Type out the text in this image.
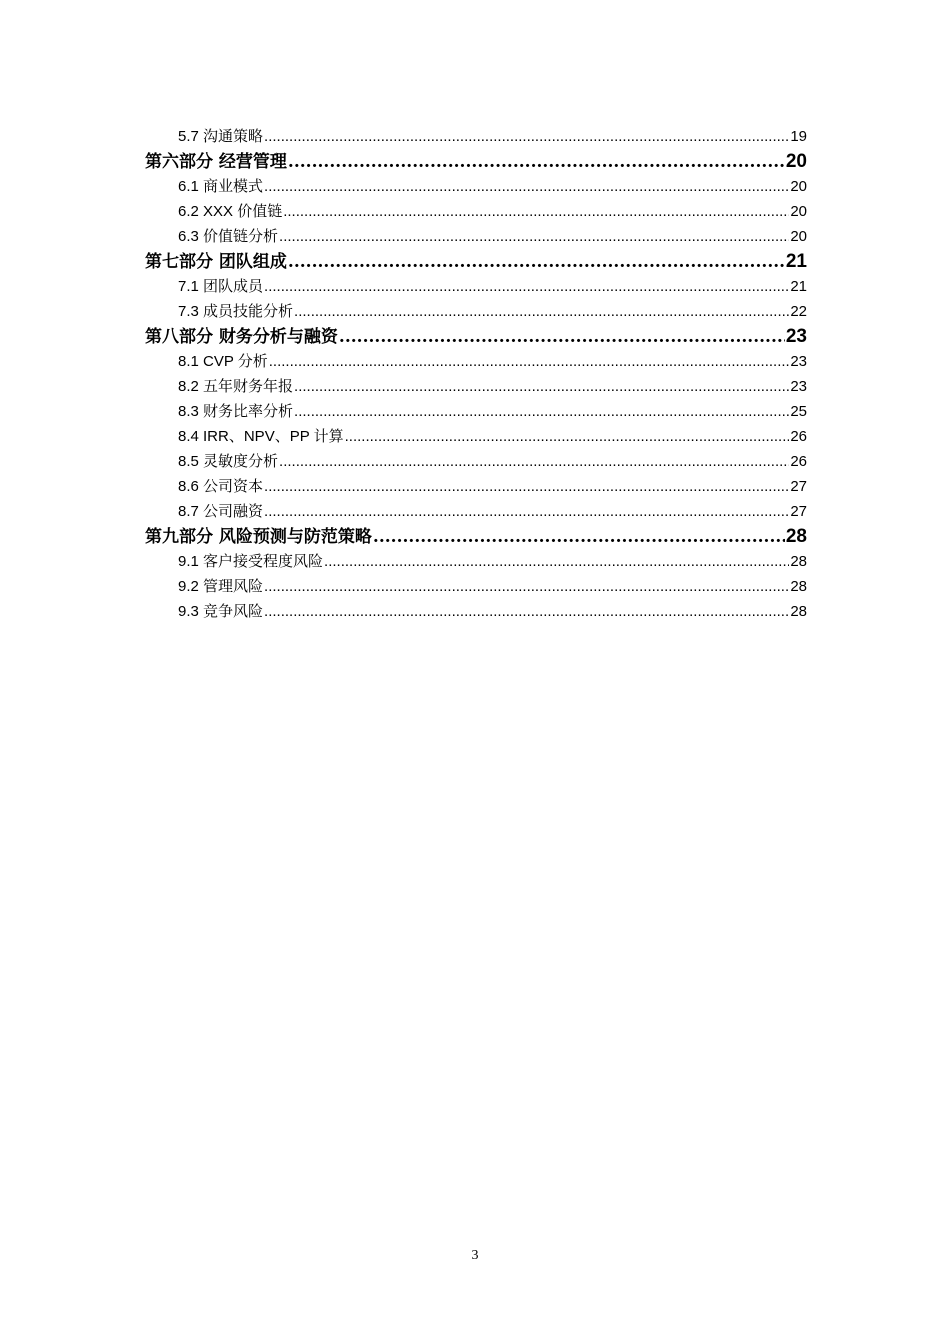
5.7 沟通策略 .....	19
第六部分 经营管理 .....	20
6.1 商业模式 .....	20
6.2 XXX 价值链 .....	20
6.3 价值链分析 .....	20
第七部分 团队组成 .....	21
7.1 团队成员 .....	21
7.3 成员技能分析 .....	22
第八部分 财务分析与融资 .....	23
8.1 CVP 分析 .....	23
8.2 五年财务年报 .....	23
8.3 财务比率分析 .....	25
8.4 IRR、NPV、PP 计算 .....	26
8.5 灵敏度分析 .....	26
8.6 公司资本 .....	27
8.7 公司融资 .....	27
第九部分 风险预测与防范策略 .....	28
9.1 客户接受程度风险 .....	28
9.2 管理风险 .....	28
9.3 竞争风险 .....	28
3
